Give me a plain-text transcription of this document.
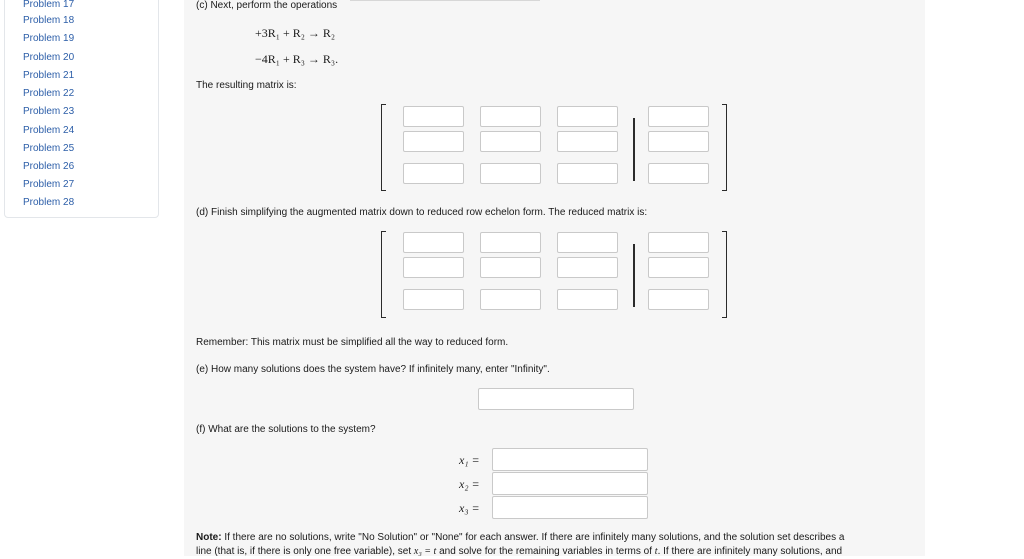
Problem 17
Problem 18
Problem 19
Problem 20
Problem 21
Problem 22
Problem 23
Problem 24
Problem 25
Problem 26
Problem 27
Problem 28
(c) Next, perform the operations
+3R₁ + R₂ → R₂
−4R₁ + R₃ → R₃.
The resulting matrix is:
(d) Finish simplifying the augmented matrix down to reduced row echelon form. The reduced matrix is:
Remember: This matrix must be simplified all the way to reduced form.
(e) How many solutions does the system have? If infinitely many, enter "Infinity".
(f) What are the solutions to the system?
x₁ =
x₂ =
x₃ =
Note: If there are no solutions, write "No Solution" or "None" for each answer. If there are infinitely many solutions, and the solution set describes a
line (that is, if there is only one free variable), set x₃ = t and solve for the remaining variables in terms of t. If there are infinitely many solutions, and
